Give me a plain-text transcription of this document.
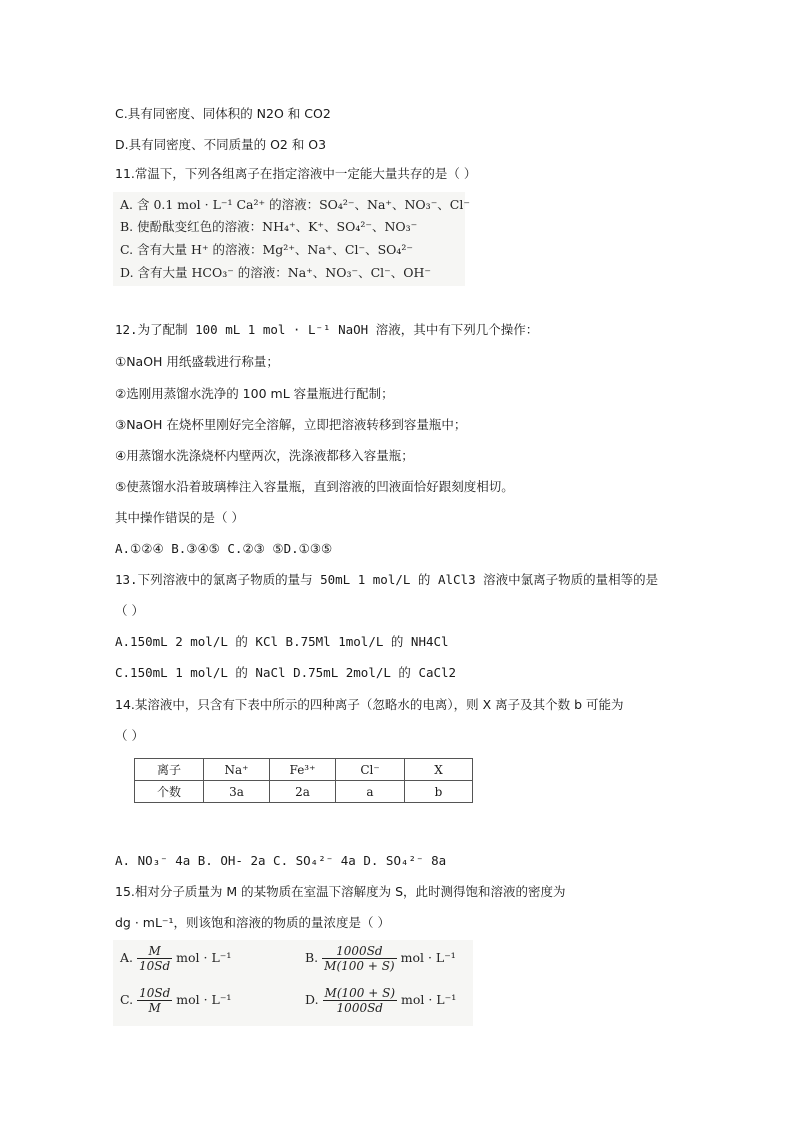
C.具有同密度、同体积的 N2O 和 CO2
D.具有同密度、不同质量的 O2 和 O3
11.常温下，下列各组离子在指定溶液中一定能大量共存的是（ ）
A. 含 0.1 mol · L⁻¹ Ca²⁺ 的溶液：SO₄²⁻、Na⁺、NO₃⁻、Cl⁻
B. 使酚酞变红色的溶液：NH₄⁺、K⁺、SO₄²⁻、NO₃⁻
C. 含有大量 H⁺ 的溶液：Mg²⁺、Na⁺、Cl⁻、SO₄²⁻
D. 含有大量 HCO₃⁻ 的溶液：Na⁺、NO₃⁻、Cl⁻、OH⁻
12.为了配制 100 mL 1 mol · L⁻¹ NaOH 溶液，其中有下列几个操作：
①NaOH 用纸盛载进行称量；
②选刚用蒸馏水洗净的 100 mL 容量瓶进行配制；
③NaOH 在烧杯里刚好完全溶解，立即把溶液转移到容量瓶中；
④用蒸馏水洗涤烧杯内壁两次，洗涤液都移入容量瓶；
⑤使蒸馏水沿着玻璃棒注入容量瓶，直到溶液的凹液面恰好跟刻度相切。
其中操作错误的是（ ）
A.①②④ B.③④⑤ C.②③ ⑤D.①③⑤
13.下列溶液中的氯离子物质的量与 50mL 1 mol/L 的 AlCl3 溶液中氯离子物质的量相等的是
（ ）
A.150mL 2 mol/L 的 KCl B.75Ml 1mol/L 的 NH4Cl
C.150mL 1 mol/L 的 NaCl D.75mL 2mol/L 的 CaCl2
14.某溶液中，只含有下表中所示的四种离子（忽略水的电离），则 X 离子及其个数 b 可能为
（ ）
离子	Na⁺	Fe³⁺	Cl⁻	X
个数	3a	2a	a	b
A. NO₃⁻ 4a B. OH- 2a C. SO₄²⁻ 4a D. SO₄²⁻ 8a
15.相对分子质量为 M 的某物质在室温下溶解度为 S，此时测得饱和溶液的密度为
dg · mL⁻¹，则该饱和溶液的物质的量浓度是（ ）
A. $\frac{M}{10Sd}$ mol · L⁻¹	B. $\frac{1000Sd}{M(100 + S)}$ mol · L⁻¹
C. $\frac{10Sd}{M}$ mol · L⁻¹	D. $\frac{M(100 + S)}{1000Sd}$ mol · L⁻¹
